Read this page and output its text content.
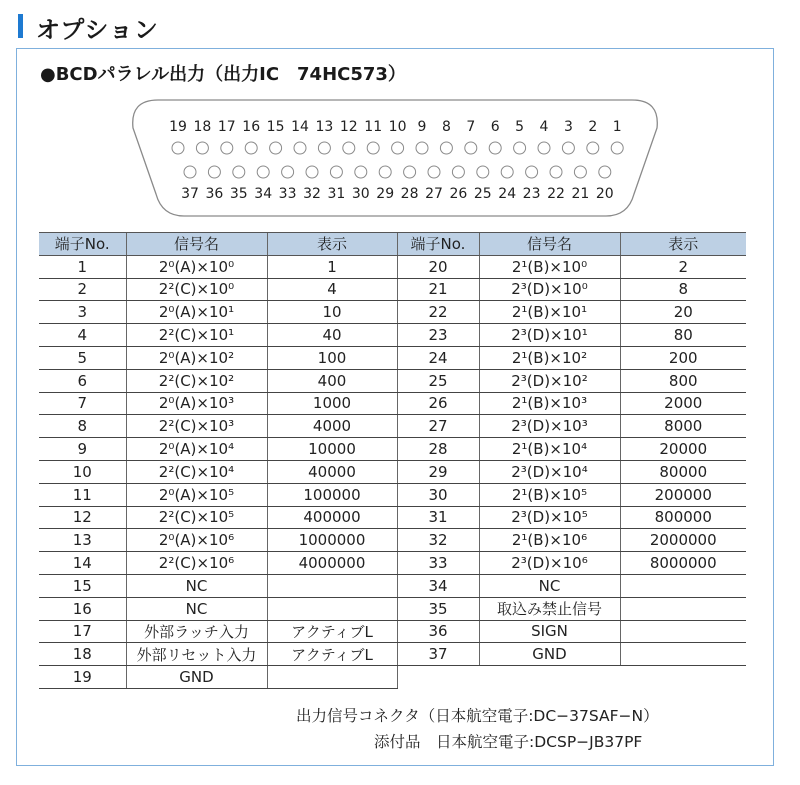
オプション
●BCDパラレル出力（出力IC　74HC573）
19 18 17 16 15 14 13 12 11 10 9 8 7 6 5 4 3 2 1
37 36 35 34 33 32 31 30 29 28 27 26 25 24 23 22 21 20
端子No.	信号名	表示	端子No.	信号名	表示
1	2⁰(A)×10⁰	1	20	2¹(B)×10⁰	2
2	2²(C)×10⁰	4	21	2³(D)×10⁰	8
3	2⁰(A)×10¹	10	22	2¹(B)×10¹	20
4	2²(C)×10¹	40	23	2³(D)×10¹	80
5	2⁰(A)×10²	100	24	2¹(B)×10²	200
6	2²(C)×10²	400	25	2³(D)×10²	800
7	2⁰(A)×10³	1000	26	2¹(B)×10³	2000
8	2²(C)×10³	4000	27	2³(D)×10³	8000
9	2⁰(A)×10⁴	10000	28	2¹(B)×10⁴	20000
10	2²(C)×10⁴	40000	29	2³(D)×10⁴	80000
11	2⁰(A)×10⁵	100000	30	2¹(B)×10⁵	200000
12	2²(C)×10⁵	400000	31	2³(D)×10⁵	800000
13	2⁰(A)×10⁶	1000000	32	2¹(B)×10⁶	2000000
14	2²(C)×10⁶	4000000	33	2³(D)×10⁶	8000000
15	NC		34	NC	
16	NC		35	取込み禁止信号	
17	外部ラッチ入力	アクティブL	36	SIGN	
18	外部リセット入力	アクティブL	37	GND	
19	GND				
出力信号コネクタ（日本航空電子:DC−37SAF−N）
添付品　日本航空電子:DCSP−JB37PF
